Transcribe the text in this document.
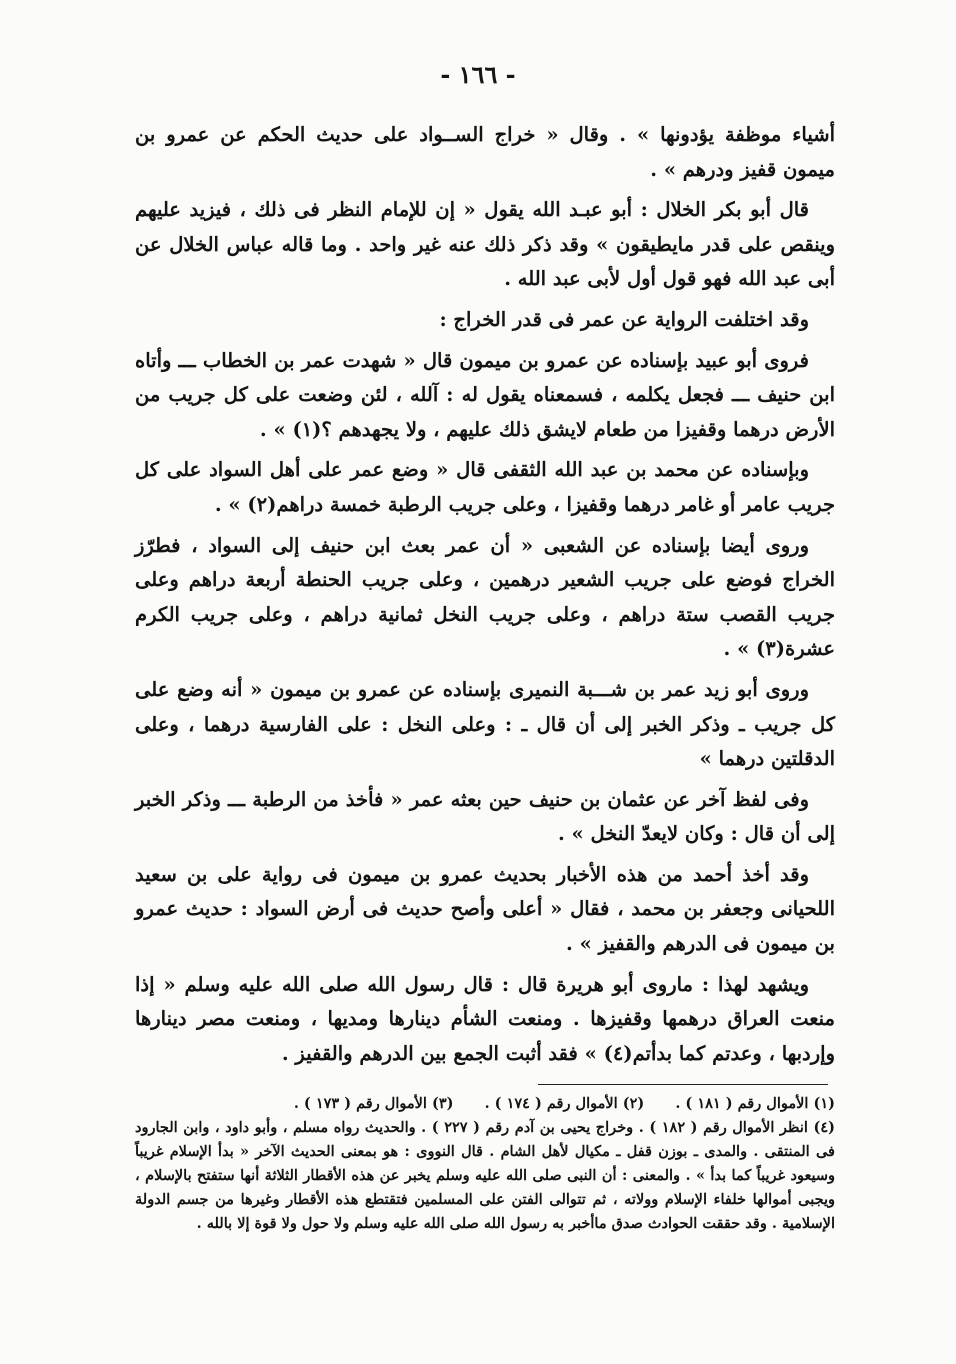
- ١٦٦ -

أشياء موظفة يؤدونها » . وقال « خراج الســواد على حديث الحكم عن عمرو بن ميمون قفيز ودرهم » .

قال أبو بكر الخلال : أبو عبـد الله يقول « إن للإمام النظر فى ذلك ، فيزيد عليهم وينقص على قدر مايطيقون » وقد ذكر ذلك عنه غير واحد . وما قاله عباس الخلال عن أبى عبد الله فهو قول أول لأبى عبد الله .

وقد اختلفت الرواية عن عمر فى قدر الخراج :

فروى أبو عبيد بإسناده عن عمرو بن ميمون قال « شهدت عمر بن الخطاب ـــ وأتاه ابن حنيف ـــ فجعل يكلمه ، فسمعناه يقول له : آلله ، لئن وضعت على كل جريب من الأرض درهما وقفيزا من طعام لايشق ذلك عليهم ، ولا يجهدهم ؟(١) » .

وبإسناده عن محمد بن عبد الله الثقفى قال « وضع عمر على أهل السواد على كل جريب عامر أو غامر درهما وقفيزا ، وعلى جريب الرطبة خمسة دراهم(٢) » .

وروى أيضا بإسناده عن الشعبى « أن عمر بعث ابن حنيف إلى السواد ، فطرّز الخراج فوضع على جريب الشعير درهمين ، وعلى جريب الحنطة أربعة دراهم وعلى جريب القصب ستة دراهم ، وعلى جريب النخل ثمانية دراهم ، وعلى جريب الكرم عشرة(٣) » .

وروى أبو زيد عمر بن شـــبة النميرى بإسناده عن عمرو بن ميمون « أنه وضع على كل جريب ـ وذكر الخبر إلى أن قال ـ : وعلى النخل : على الفارسية درهما ، وعلى الدقلتين درهما »

وفى لفظ آخر عن عثمان بن حنيف حين بعثه عمر « فأخذ من الرطبة ـــ وذكر الخبر إلى أن قال : وكان لايعدّ النخل » .

وقد أخذ أحمد من هذه الأخبار بحديث عمرو بن ميمون فى رواية على بن سعيد اللحيانى وجعفر بن محمد ، فقال « أعلى وأصح حديث فى أرض السواد : حديث عمرو بن ميمون فى الدرهم والقفيز » .

ويشهد لهذا : ماروى أبو هريرة قال : قال رسول الله صلى الله عليه وسلم « إذا منعت العراق درهمها وقفيزها . ومنعت الشأم دينارها ومديها ، ومنعت مصر دينارها وإردبها ، وعدتم كما بدأتم(٤) » فقد أثبت الجمع بين الدرهم والقفيز .

(١) الأموال رقم ( ١٨١ ) . (٢) الأموال رقم ( ١٧٤ ) . (٣) الأموال رقم ( ١٧٣ ) .

(٤) انظر الأموال رقم ( ١٨٢ ) . وخراج يحيى بن آدم رقم ( ٢٢٧ ) . والحديث رواه مسلم ، وأبو داود ، وابن الجارود فى المنتقى . والمدى ـ بوزن قفل ـ مكيال لأهل الشام . قال النووى : هو بمعنى الحديث الآخر « بدأ الإسلام غريباً وسيعود غريباً كما بدأ » . والمعنى : أن النبى صلى الله عليه وسلم يخبر عن هذه الأقطار الثلاثة أنها ستفتح بالإسلام ، ويجبى أموالها خلفاء الإسلام وولاته ، ثم تتوالى الفتن على المسلمين فتقتطع هذه الأقطار وغيرها من جسم الدولة الإسلامية . وقد حققت الحوادث صدق ماأخبر به رسول الله صلى الله عليه وسلم ولا حول ولا قوة إلا بالله .
